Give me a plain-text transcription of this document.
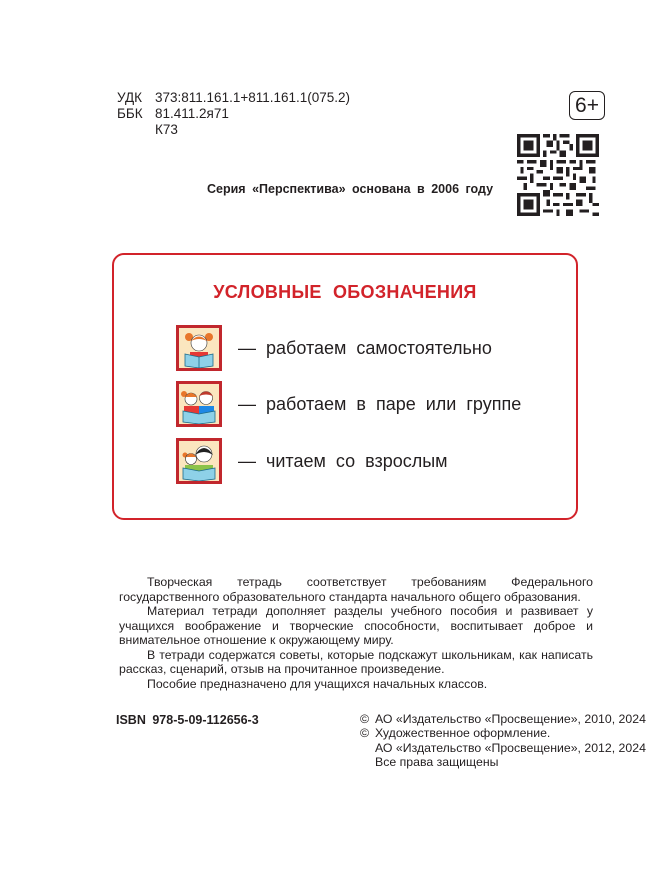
УДК 373:811.161.1+811.161.1(075.2)
ББК 81.411.2я71
К73
6+
Серия «Перспектива» основана в 2006 году
УСЛОВНЫЕ ОБОЗНАЧЕНИЯ
— работаем самостоятельно
— работаем в паре или группе
— читаем со взрослым

Творческая тетрадь соответствует требованиям Федерального государственного образовательного стандарта начального общего образования.

Материал тетради дополняет разделы учебного пособия и развивает у учащихся воображение и творческие способности, воспитывает доброе и внимательное отношение к окружающему миру.

В тетради содержатся советы, которые подскажут школьникам, как написать рассказ, сценарий, отзыв на прочитанное произведение.

Пособие предназначено для учащихся начальных классов.

ISBN 978-5-09-112656-3	© АО «Издательство «Просвещение», 2010, 2024
© Художественное оформление.
АО «Издательство «Просвещение», 2012, 2024
Все права защищены
